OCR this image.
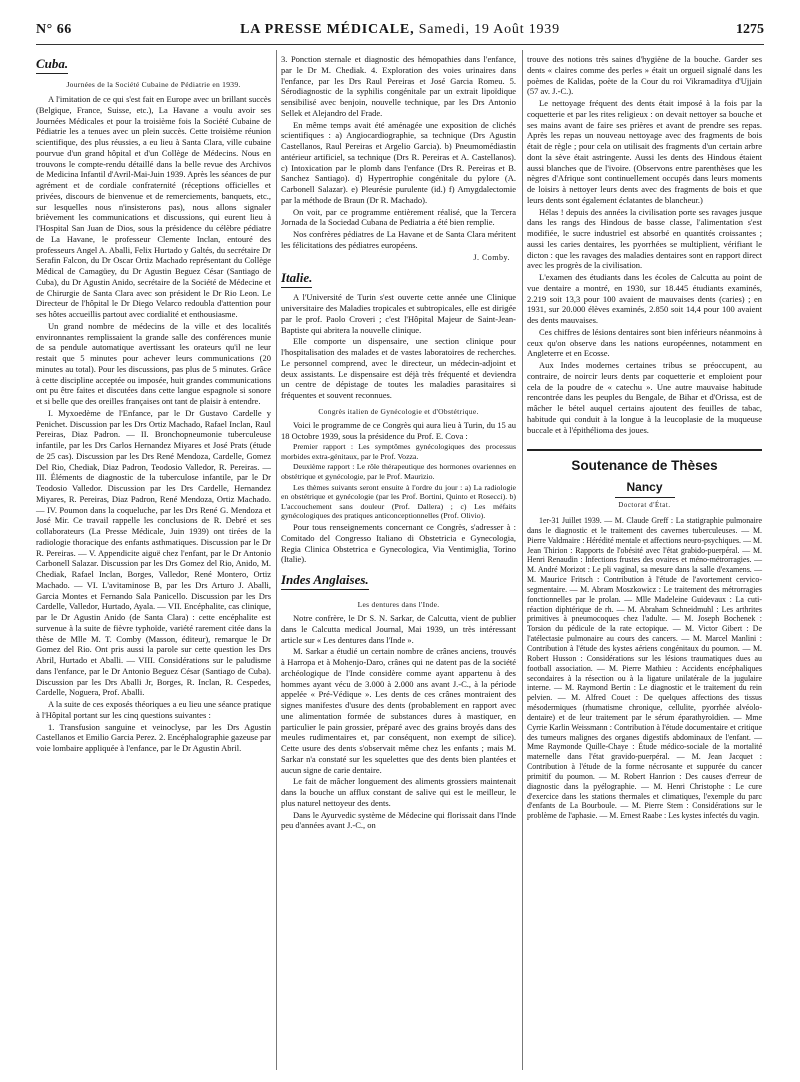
N° 66	LA PRESSE MÉDICALE, Samedi, 19 Août 1939	1275
Cuba.
Journées de la Société Cubaine de Pédiatrie en 1939.

A l'imitation de ce qui s'est fait en Europe avec un brillant succès (Belgique, France, Suisse, etc.), La Havane a voulu avoir ses Journées Médicales et pour la troisième fois la Société Cubaine de Pédiatrie les a tenues avec un plein succès. Cette troisième réunion scientifique, des plus réussies, a eu lieu à Santa Clara, ville cubaine pourvue d'un grand hôpital et d'un Collège de Médecins. Nous en trouvons le compte-rendu détaillé dans la belle revue des Archivos de Medicina Infantil d'Avril-Mai-Juin 1939. Après les séances de pur agrément et de cordiale confraternité (réceptions officielles et privées, discours de bienvenue et de remerciements, banquets, etc., sur lesquelles nous n'insisterons pas), nous allons signaler brièvement les communications et discussions, qui eurent lieu à l'Hospital San Juan de Dios, sous la présidence du célèbre pédiatre de La Havane, le professeur Clemente Inclan, entouré des professeurs Angel A. Aballi, Felix Hurtado y Galtés, du secrétaire Dr Serafin Falcon, du Dr Oscar Ortiz Machado représentant du Collège Médical de Camagüey, du Dr Agustin Beguez César (Santiago de Cuba), du Dr Agustin Anido, secrétaire de la Société de Médecine et de Chirurgie de Santa Clara avec son président le Dr Rio Leon. Le Directeur de l'hôpital le Dr Diego Velarco redoubla d'attention pour ses hôtes accueillis partout avec cordialité et enthousiasme.

Un grand nombre de médecins de la ville et des localités environnantes remplissaient la grande salle des conférences munie de sa pendule automatique avertissant les orateurs qu'il ne leur restait que 5 minutes pour achever leurs communications (20 minutes au total). Pour les discussions, pas plus de 5 minutes. Grâce à cette discipline acceptée ou imposée, huit grandes communications ont pu être faites et discutées dans cette langue espagnole si sonore et si belle que des oreilles françaises ont tant de plaisir à entendre.

I. Myxoedème de l'Enfance, par le Dr Gustavo Cardelle y Penichet. Discussion par les Drs Ortiz Machado, Rafael Inclan, Raul Pereiras, Diaz Padron. — II. Bronchopneumonie tuberculeuse infantile, par les Drs Carlos Hernandez Miyares et José Prats (étude de 25 cas). Discussion par les Drs René Mendoza, Cardelle, Gomez Del Rio, Chediak, Diaz Padron, Teodosio Valledor, R. Pereiras. — III. Éléments de diagnostic de la tuberculose infantile, par le Dr Teodosio Valledor. Discussion par les Drs Cardelle, Hernandez Miyares, R. Pereiras, Diaz Padron, René Mendoza, Ortiz Machado. — IV. Poumon dans la coqueluche, par les Drs René G. Mendoza et José Mir. Ce travail rappelle les conclusions de R. Debré et ses collaborateurs (La Presse Médicale, Juin 1939) ont tirées de la radiologie thoracique des enfants asthmatiques. Discussion par le Dr R. Pereiras. — V. Appendicite aiguë chez l'enfant, par le Dr Antonio Carbonell Salazar. Discussion par les Drs Gomez del Rio, Anido, M. Chediak, Rafael Inclan, Borges, Valledor, René Montero, Ortiz Machado. — VI. L'avitaminose B, par les Drs Arturo J. Aballi, Garcia Montes et Fernando Sala Panicello. Discussion par les Drs Cardelle, Valledor, Hurtado, Ayala. — VII. Encéphalite, cas clinique, par le Dr Agustin Anido (de Santa Clara) : cette encéphalite est survenue à la suite de fièvre typhoïde, variété rarement citée dans la thèse de Mlle M. T. Comby (Masson, éditeur), remarque le Dr Gomez del Rio. Ont pris aussi la parole sur cette question les Drs Abril, Hurtado et Aballi. — VIII. Considérations sur le paludisme dans l'enfance, par le Dr Antonio Beguez César (Santiago de Cuba). Discussion par les Drs Aballi Jr, Borges, R. Inclan, R. Cespedes, Cardelle, Noguera, Prof. Aballi.

A la suite de ces exposés théoriques a eu lieu une séance pratique à l'Hôpital portant sur les cinq questions suivantes :

1. Transfusion sanguine et veinoclyse, par les Drs Agustin Castellanos et Emilio Garcia Perez. 2. Encéphalographie gazeuse par voie lombaire appliquée à l'enfance, par le Dr Agustin Abril.

3. Ponction sternale et diagnostic des hémopathies dans l'enfance, par le Dr M. Chediak. 4. Exploration des voies urinaires dans l'enfance, par les Drs Raul Pereiras et José Garcia Romeu. 5. Sérodiagnostic de la syphilis congénitale par un extrait lipoïdique sensibilisé avec benjoin, nouvelle technique, par les Drs Antonio Sellek et Alejandro del Frade.

En même temps avait été aménagée une exposition de clichés scientifiques : a) Angiocardiographie, sa technique (Drs Agustin Castellanos, Raul Pereiras et Argelio Garcia). b) Pneumomédiastin antérieur artificiel, sa technique (Drs R. Pereiras et A. Castellanos). c) Intoxication par le plomb dans l'enfance (Drs R. Pereiras et B. Sanchez Santiago). d) Hypertrophie congénitale du pylore (A. Carbonell Salazar). e) Pleurésie purulente (id.) f) Amygdalectomie par la méthode de Braun (Dr R. Machado).

On voit, par ce programme entièrement réalisé, que la Tercera Jornada de la Sociedad Cubana de Pediatria a été bien remplie.

Nos confrères pédiatres de La Havane et de Santa Clara méritent les félicitations des pédiatres européens.

J. Comby.
Italie.

A l'Université de Turin s'est ouverte cette année une Clinique universitaire des Maladies tropicales et subtropicales, elle est dirigée par le prof. Paolo Croveri ; c'est l'Hôpital Majeur de Saint-Jean-Baptiste qui abritera la nouvelle clinique.

Elle comporte un dispensaire, une section clinique pour l'hospitalisation des malades et de vastes laboratoires de recherches. Le personnel comprend, avec le directeur, un médecin-adjoint et deux assistants. Le dispensaire est déjà très fréquenté et deviendra un centre de dépistage de toutes les maladies parasitaires si fréquentes et souvent reconnues.

Congrès italien de Gynécologie et d'Obstétrique.

Voici le programme de ce Congrès qui aura lieu à Turin, du 15 au 18 Octobre 1939, sous la présidence du Prof. E. Cova :

Premier rapport : Les symptômes gynécologiques des processus morbides extra-génitaux, par le Prof. Vozza.

Deuxième rapport : Le rôle thérapeutique des hormones ovariennes en obstétrique et gynécologie, par le Prof. Maurizio.

Les thèmes suivants seront ensuite à l'ordre du jour : a) La radiologie en obstétrique et gynécologie (par les Prof. Bortini, Quinto et Rosecci). b) L'accouchement sans douleur (Prof. Dallera) ; c) Les méfaits gynécologiques des pratiques anticonceptionnelles (Prof. Olivio).

Pour tous renseignements concernant ce Congrès, s'adresser à : Comitado del Congresso Italiano di Obstetricia e Gynecologia, Regia Clinica Obstetrica e Gynecologica, Via Ventimiglia, Torino (Italie).

Indes Anglaises.
Les dentures dans l'Inde.

Notre confrère, le Dr S. N. Sarkar, de Calcutta, vient de publier dans le Calcutta medical Journal, Mai 1939, un très intéressant article sur « Les dentures dans l'Inde ».

M. Sarkar a étudié un certain nombre de crânes anciens, trouvés à Harropa et à Mohenjo-Daro, crânes qui ne datent pas de la société archéologique de l'Inde considère comme ayant appartenu à des hommes ayant vécu de 3.000 à 2.000 ans avant J.-C., à la période appelée « Pré-Védique ». Les dents de ces crânes montraient des signes manifestes d'usure des dents (probablement en rapport avec une alimentation formée de substances dures à mastiquer, en particulier le pain grossier, préparé avec des grains broyés dans des meules rudimentaires et, par conséquent, non exempt de silice). Cette usure des dents s'observait même chez les enfants ; mais M. Sarkar n'a constaté sur les squelettes que des dents bien plantées et aucun signe de carie dentaire.

Le fait de mâcher longuement des aliments grossiers maintenait dans la bouche un afflux constant de salive qui est le meilleur, le plus naturel nettoyeur des dents.

Dans le Ayurvedic système de Médecine qui florissait dans l'Inde peu d'années avant J.-C., on

trouve des notions très saines d'hygiène de la bouche. Garder ses dents « claires comme des perles » était un orgueil signalé dans les poèmes de Kalidas, poète de la Cour du roi Vikramaditya d'Ujjain (57 av. J.-C.).

Le nettoyage fréquent des dents était imposé à la fois par la coquetterie et par les rites religieux : on devait nettoyer sa bouche et ses mains avant de faire ses prières et avant de prendre ses repas. Après les repas un nouveau nettoyage avec des fragments de bois était de règle ; pour cela on utilisait des fragments d'un certain arbre dont la sève était astringente. Aussi les dents des Hindous étaient aussi blanches que de l'ivoire. (Observons entre parenthèses que les nègres d'Afrique sont continuellement occupés dans leurs moments de loisirs à nettoyer leurs dents avec des fragments de bois et que leurs dents sont également éclatantes de blancheur.)

Hélas ! depuis des années la civilisation porte ses ravages jusque dans les rangs des Hindous de basse classe, l'alimentation s'est modifiée, le sucre industriel est absorbé en quantités croissantes ; aussi les caries dentaires, les pyorrhées se multiplient, vérifiant le dicton : que les ravages des maladies dentaires sont en rapport direct avec les progrès de la civilisation.

L'examen des étudiants dans les écoles de Calcutta au point de vue dentaire a montré, en 1930, sur 18.445 étudiants examinés, 2.219 soit 13,3 pour 100 avaient de mauvaises dents (caries) ; en 1931, sur 20.000 élèves examinés, 2.850 soit 14,4 pour 100 avaient des dents mauvaises.

Ces chiffres de lésions dentaires sont bien inférieurs néanmoins à ceux qu'on observe dans les nations européennes, notamment en Angleterre et en Ecosse.

Aux Indes modernes certaines tribus se préoccupent, au contraire, de noircir leurs dents par coquetterie et emploient pour cela de la poudre de « catechu ». Une autre mauvaise habitude rencontrée dans les peuples du Bengale, de Bihar et d'Orissa, est de mâcher le bétel auquel certains ajoutent des feuilles de tabac, habitude qui conduit à la longue à la leucoplasie de la muqueuse buccale et à l'épithélioma des joues.

Soutenance de Thèses
Nancy
Doctorat d'État.

1er-31 Juillet 1939. — M. Claude Greff : La statigraphie pulmonaire dans le diagnostic et le traitement des cavernes tuberculeuses. — M. Pierre Valdmaire : Hérédité mentale et affections neuro-psychiques. — M. Jean Thirion : Rapports de l'obésité avec l'état grabido-puerpéral. — M. Henri Renaudin : Infections frustes des ovaires et méno-métrorragies. — M. André Morizot : Le pli vaginal, sa mesure dans la salle d'examens. — M. Maurice Fritsch : Contribution à l'étude de l'avortement cervico-segmentaire. — M. Abram Moszkowicz : Le traitement des métrorragies fonctionnelles par le prolan. — Mlle Madeleine Guidevaux : La cuti-réaction diphtérique de rh. — M. Abraham Schneidmuhl : Les arthrites primitives à pneumocoques chez l'adulte. — M. Joseph Bochenek : Torsion du pédicule de la rate ectopique. — M. Victor Gibert : De l'atélectasie pulmonaire au cours des cancers. — M. Marcel Manlini : Contribution à l'étude des kystes aériens congénitaux du poumon. — M. Robert Husson : Considérations sur les lésions traumatiques dues au football association. — M. Pierre Mathieu : Accidents encéphaliques secondaires à la résection ou à la ligature unilatérale de la jugulaire interne. — M. Raymond Bertin : Le diagnostic et le traitement du rein pelvien. — M. Alfred Couet : De quelques affections des tissus mésodermiques (rhumatisme chronique, cellulite, pyorrhée alvéolo-dentaire) et de leur traitement par le sérum éparathyroïdien. — Mme Cyrrie Karlin Weissmann : Contribution à l'étude documentaire et critique des tumeurs malignes des organes digestifs abdominaux de l'enfant. — Mme Raymonde Quille-Chaye : Étude médico-sociale de la mortalité maternelle dans l'état gravido-puerpéral. — M. Jean Jacquet : Contribution à l'étude de la forme nécrosante et suppurée du cancer primitif du poumon. — M. Robert Hanrion : Des causes d'erreur de diagnostic dans la pyélographie. — M. Henri Christophe : Le cure d'exercice dans les stations thermales et climatiques, l'exemple du parc d'enfants de La Bourboule. — M. Pierre Stem : Considérations sur le problème de l'aphasie. — M. Ernest Raabe : Les kystes infectés du vagin.
